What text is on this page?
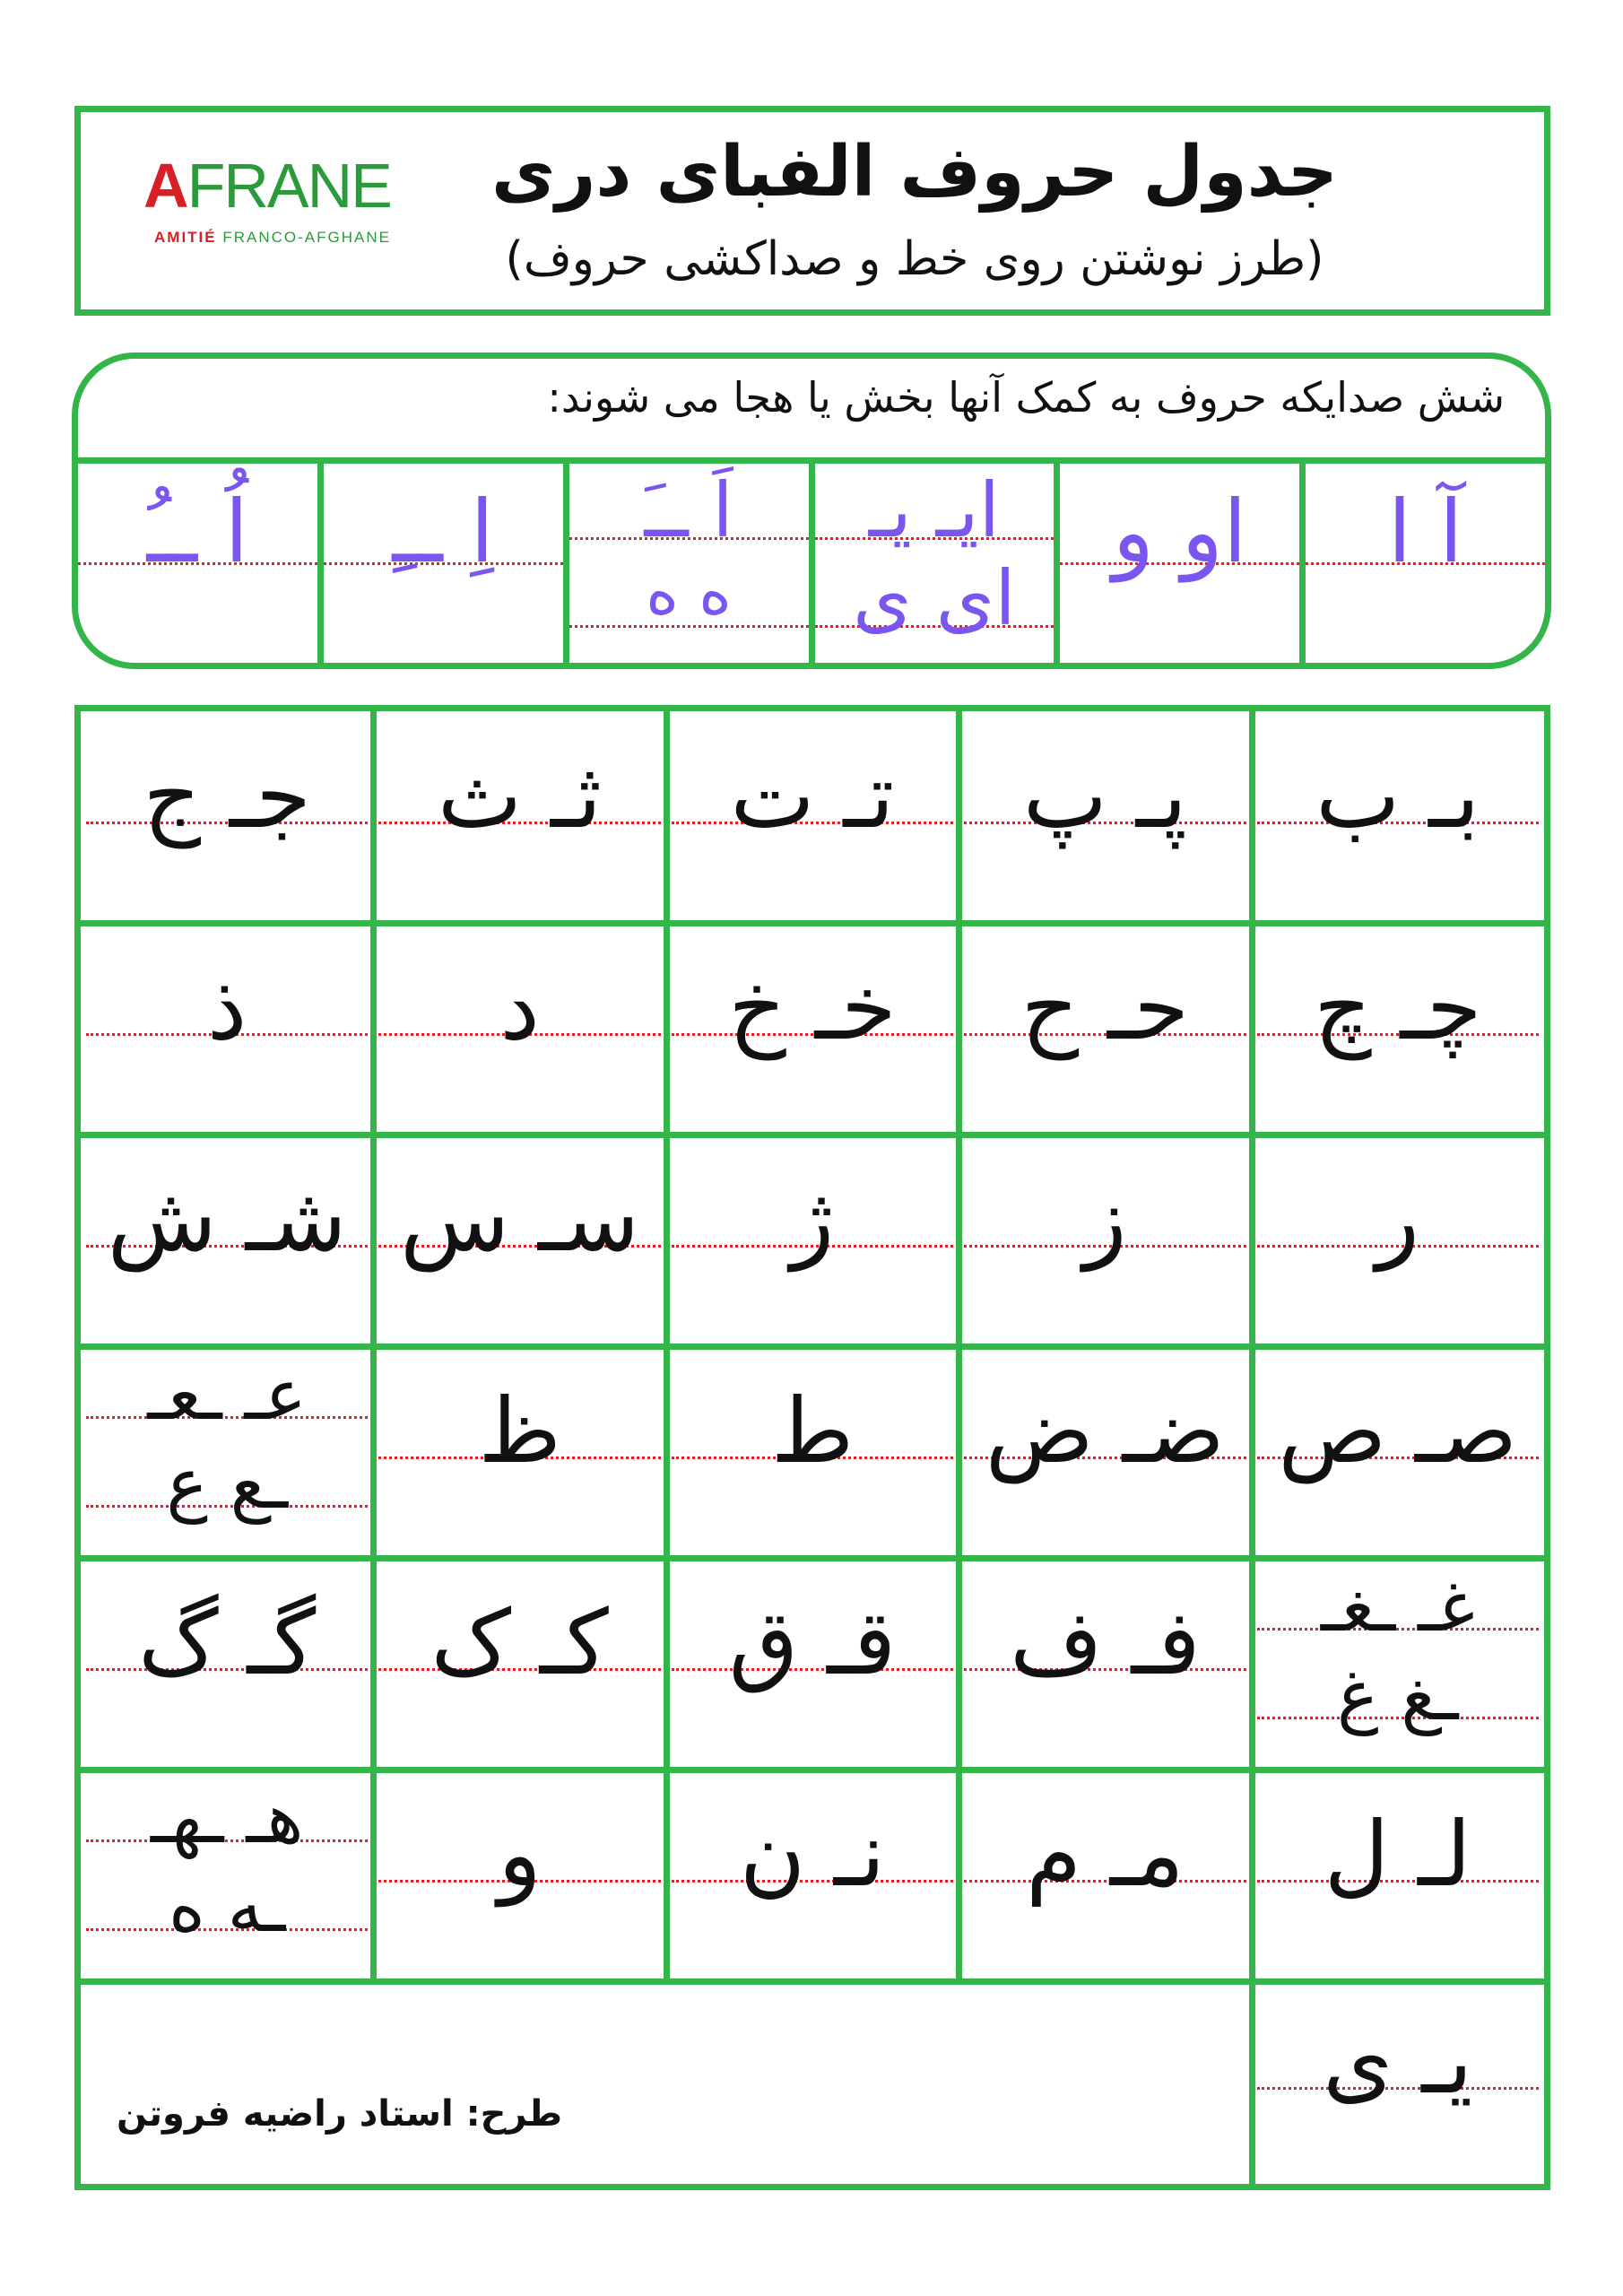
AFRANE
AMITIÉ FRANCO-AFGHANE
جدول حروف الفبای دری
(طرز نوشتن روی خط و صداکشی حروف)
شش صدایکه حروف به کمک آنها بخش یا هجا می شوند:
آ ا
او و
ایـ یـ
ای ی
اَ ــَ
ه ه
اِ ــِ
اُ ــُ
بـ ب
پـ پ
تـ ت
ثـ ث
جـ ج
چـ چ
حـ ح
خـ خ
د
ذ
ر
ز
ژ
سـ س
شـ ش
صـ ص
ضـ ض
ط
ظ
عـ ـعـ
ـع ع
غـ ـغـ
ـغ غ
فـ ف
قـ ق
کـ ک
گـ گ
لـ ل
مـ م
نـ ن
و
هـ ـهـ
ـه ه
یـ ی
طرح: استاد راضیه فروتن
